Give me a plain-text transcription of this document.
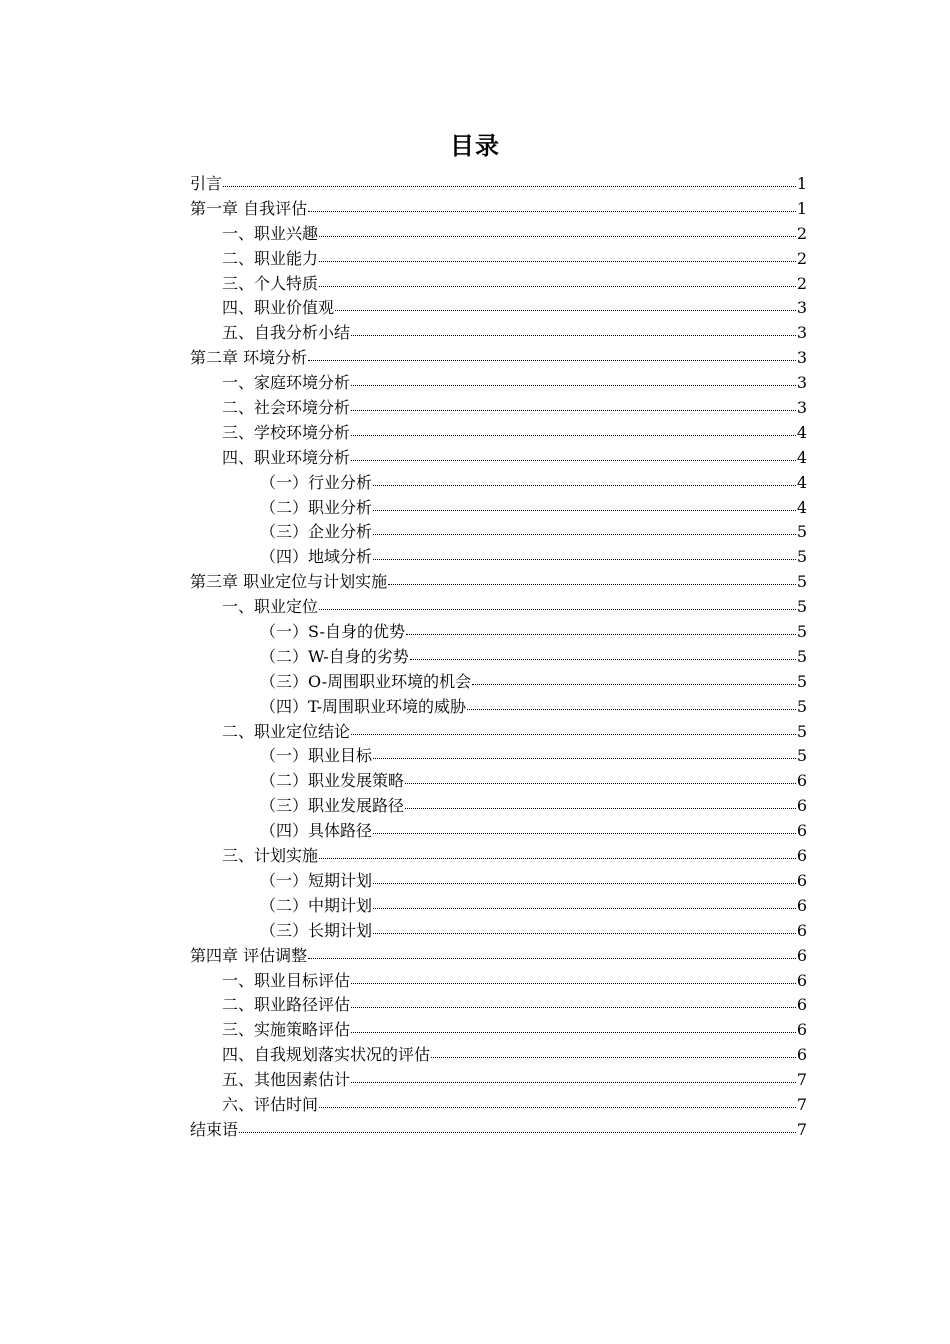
目录
引言	1
第一章 自我评估	1
一、职业兴趣	2
二、职业能力	2
三、个人特质	2
四、职业价值观	3
五、自我分析小结	3
第二章 环境分析	3
一、家庭环境分析	3
二、社会环境分析	3
三、学校环境分析	4
四、职业环境分析	4
（一）行业分析	4
（二）职业分析	4
（三）企业分析	5
（四）地域分析	5
第三章 职业定位与计划实施	5
一、职业定位	5
（一）S-自身的优势	5
（二）W-自身的劣势	5
（三）O-周围职业环境的机会	5
（四）T-周围职业环境的威胁	5
二、职业定位结论	5
（一）职业目标	5
（二）职业发展策略	6
（三）职业发展路径	6
（四）具体路径	6
三、计划实施	6
（一）短期计划	6
（二）中期计划	6
（三）长期计划	6
第四章 评估调整	6
一、职业目标评估	6
二、职业路径评估	6
三、实施策略评估	6
四、自我规划落实状况的评估	6
五、其他因素估计	7
六、评估时间	7
结束语	7
